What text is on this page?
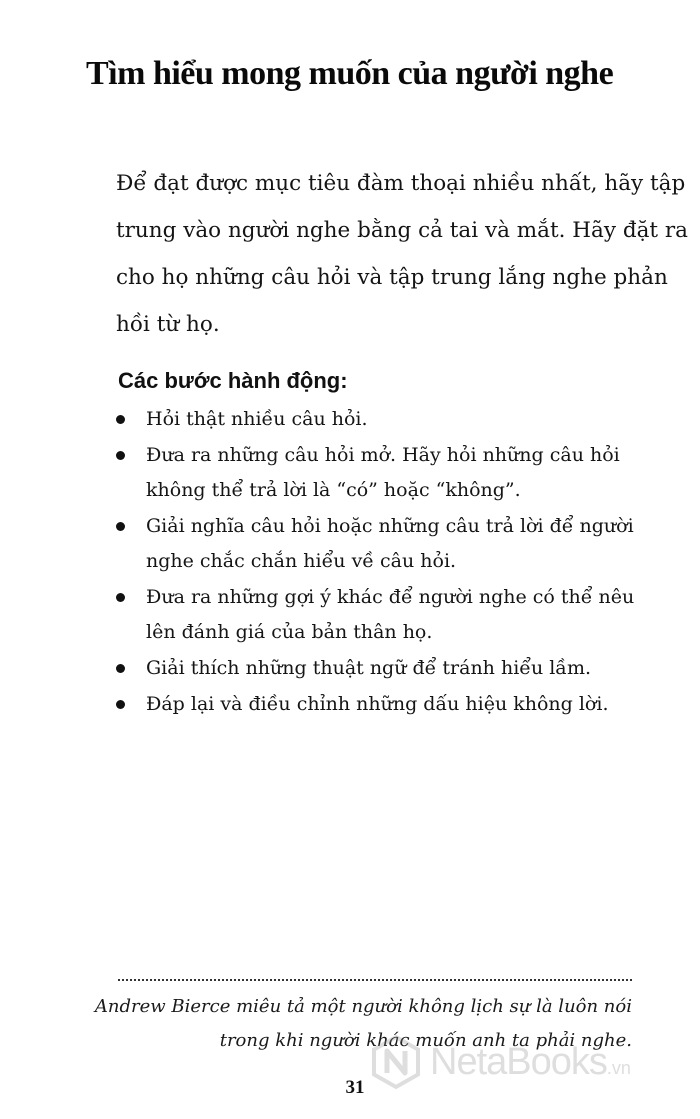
Tìm hiểu mong muốn của người nghe

Để đạt được mục tiêu đàm thoại nhiều nhất, hãy tập
trung vào người nghe bằng cả tai và mắt. Hãy đặt ra
cho họ những câu hỏi và tập trung lắng nghe phản
hồi từ họ.

Các bước hành động:
Hỏi thật nhiều câu hỏi.
Đưa ra những câu hỏi mở. Hãy hỏi những câu hỏi
không thể trả lời là “có” hoặc “không”.
Giải nghĩa câu hỏi hoặc những câu trả lời để người
nghe chắc chắn hiểu về câu hỏi.
Đưa ra những gợi ý khác để người nghe có thể nêu
lên đánh giá của bản thân họ.
Giải thích những thuật ngữ để tránh hiểu lầm.
Đáp lại và điều chỉnh những dấu hiệu không lời.

Andrew Bierce miêu tả một người không lịch sự là luôn nói
trong khi người khác muốn anh ta phải nghe.

NetaBooks.vn
31
